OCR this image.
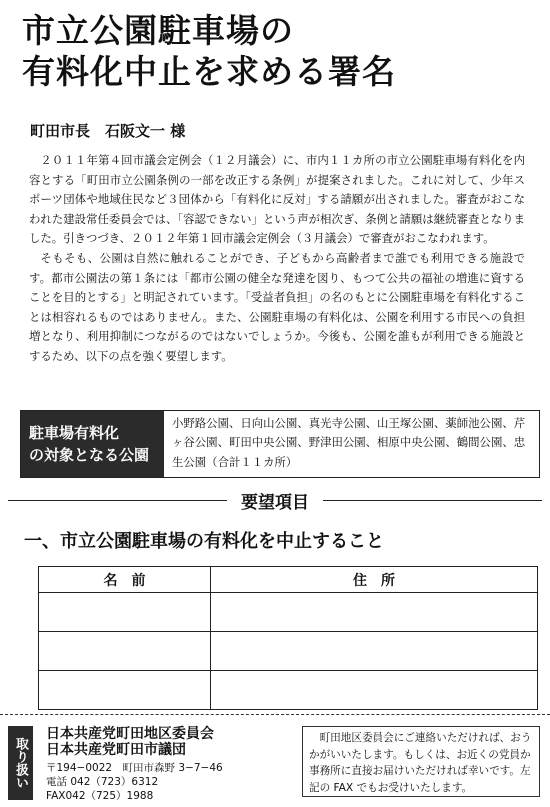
市立公園駐車場の
有料化中止を求める署名
町田市長　石阪文一 様

２０１１年第４回市議会定例会（１２月議会）に、市内１１カ所の市立公園駐車場有料化を内容とする「町田市立公園条例の一部を改正する条例」が提案されました。これに対して、少年スポーツ団体や地域住民など３団体から「有料化に反対」する請願が出されました。審査がおこなわれた建設常任委員会では、「容認できない」という声が相次ぎ、条例と請願は継続審査となりました。引きつづき、２０１２年第１回市議会定例会（３月議会）で審査がおこなわれます。

そもそも、公園は自然に触れることができ、子どもから高齢者まで誰でも利用できる施設です。都市公園法の第１条には「都市公園の健全な発達を図り、もつて公共の福祉の増進に資することを目的とする」と明記されています。「受益者負担」の名のもとに公園駐車場を有料化することは相容れるものではありません。また、公園駐車場の有料化は、公園を利用する市民への負担増となり、利用抑制につながるのではないでしょうか。今後も、公園を誰もが利用できる施設とするため、以下の点を強く要望します。

駐車場有料化
の対象となる公園
小野路公園、日向山公園、真光寺公園、山王塚公園、薬師池公園、芹ヶ谷公園、町田中央公園、野津田公園、相原中央公園、鶴間公園、忠生公園（合計１１カ所）
要望項目
一、市立公園駐車場の有料化を中止すること
名　前	住　所

取り扱い
日本共産党町田地区委員会
日本共産党町田市議団
〒194−0022　町田市森野 3−7−46
電話 042（723）6312
FAX042（725）1988
町田地区委員会にご連絡いただければ、おうかがいいたします。もしくは、お近くの党員か事務所に直接お届けいただければ幸いです。左記の FAX でもお受けいたします。
